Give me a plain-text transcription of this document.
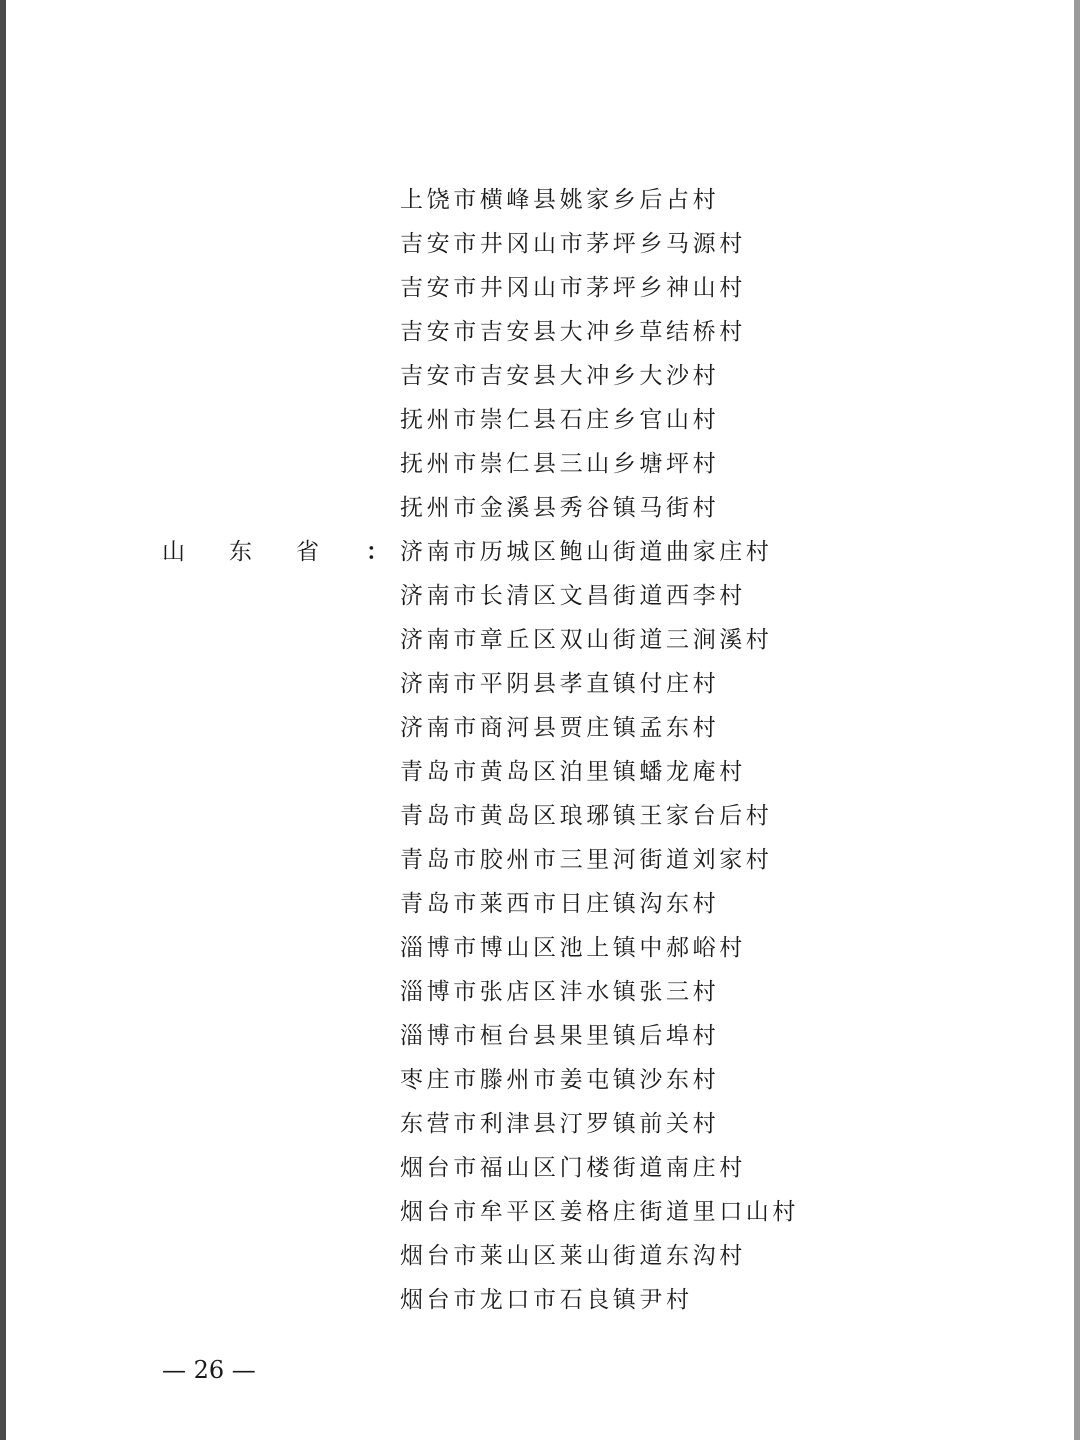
上饶市横峰县姚家乡后占村
吉安市井冈山市茅坪乡马源村
吉安市井冈山市茅坪乡神山村
吉安市吉安县大冲乡草结桥村
吉安市吉安县大冲乡大沙村
抚州市崇仁县石庄乡官山村
抚州市崇仁县三山乡塘坪村
抚州市金溪县秀谷镇马街村
济南市历城区鲍山街道曲家庄村
济南市长清区文昌街道西李村
济南市章丘区双山街道三涧溪村
济南市平阴县孝直镇付庄村
济南市商河县贾庄镇孟东村
青岛市黄岛区泊里镇蟠龙庵村
青岛市黄岛区琅琊镇王家台后村
青岛市胶州市三里河街道刘家村
青岛市莱西市日庄镇沟东村
淄博市博山区池上镇中郝峪村
淄博市张店区沣水镇张三村
淄博市桓台县果里镇后埠村
枣庄市滕州市姜屯镇沙东村
东营市利津县汀罗镇前关村
烟台市福山区门楼街道南庄村
烟台市牟平区姜格庄街道里口山村
烟台市莱山区莱山街道东沟村
烟台市龙口市石良镇尹村
山东省 ：
— 26 —
